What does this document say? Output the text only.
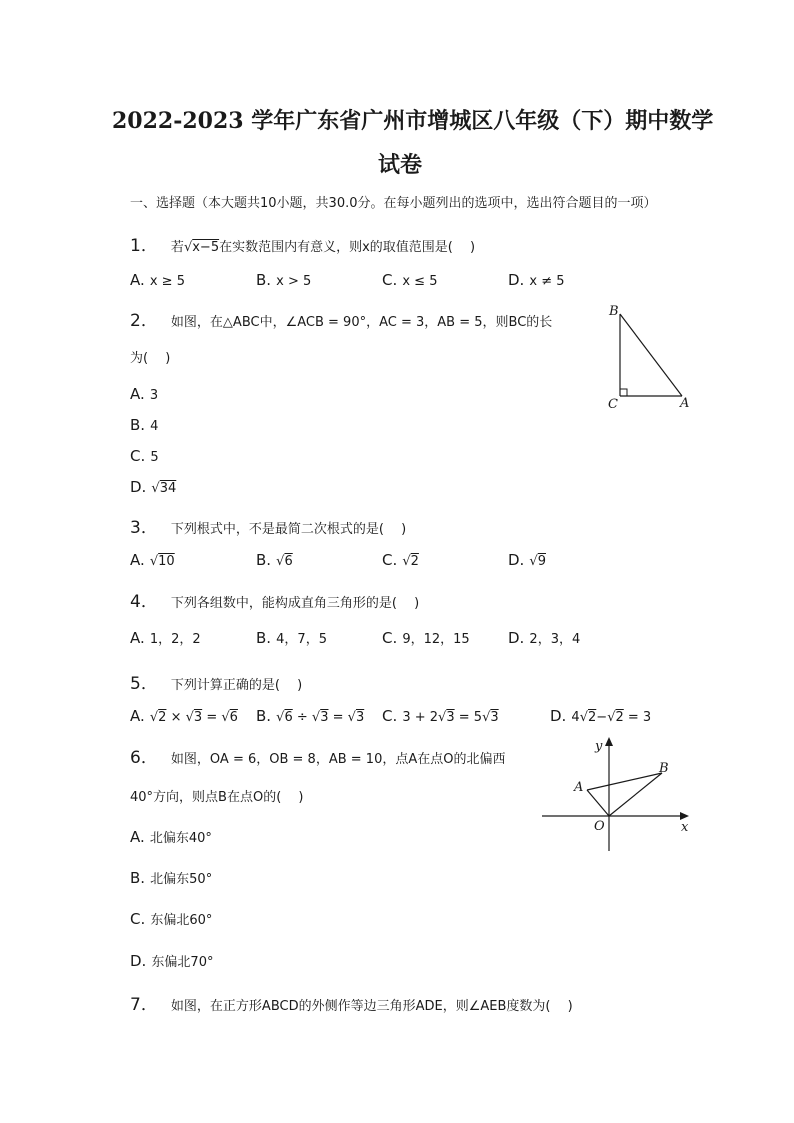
2022-2023 学年广东省广州市增城区八年级（下）期中数学
试卷
一、选择题（本大题共10小题，共30.0分。在每小题列出的选项中，选出符合题目的一项）
1． 若√x−5在实数范围内有意义，则x的取值范围是(　 )
A. x ≥ 5	B. x > 5	C. x ≤ 5	D. x ≠ 5
2． 如图，在△ABC中，∠ACB = 90°，AC = 3，AB = 5，则BC的长
为(　 )
A. 3
B. 4
C. 5
D. √34
B
C	A
3． 下列根式中，不是最简二次根式的是(　 )
A. √10	B. √6	C. √2	D. √9
4． 下列各组数中，能构成直角三角形的是(　 )
A. 1，2，2	B. 4，7，5	C. 9，12，15	D. 2，3，4
5． 下列计算正确的是(　 )
A. √2 × √3 = √6 B. √6 ÷ √3 = √3 C. 3 + 2√3 = 5√3	D. 4√2−√2 = 3
6． 如图，OA = 6，OB = 8，AB = 10，点A在点O的北偏西
40°方向，则点B在点O的(　 )
A. 北偏东40°
B. 北偏东50°
C. 东偏北60°
D. 东偏北70°
y
x
O
A
B
7． 如图，在正方形ABCD的外侧作等边三角形ADE，则∠AEB度数为(　 )
